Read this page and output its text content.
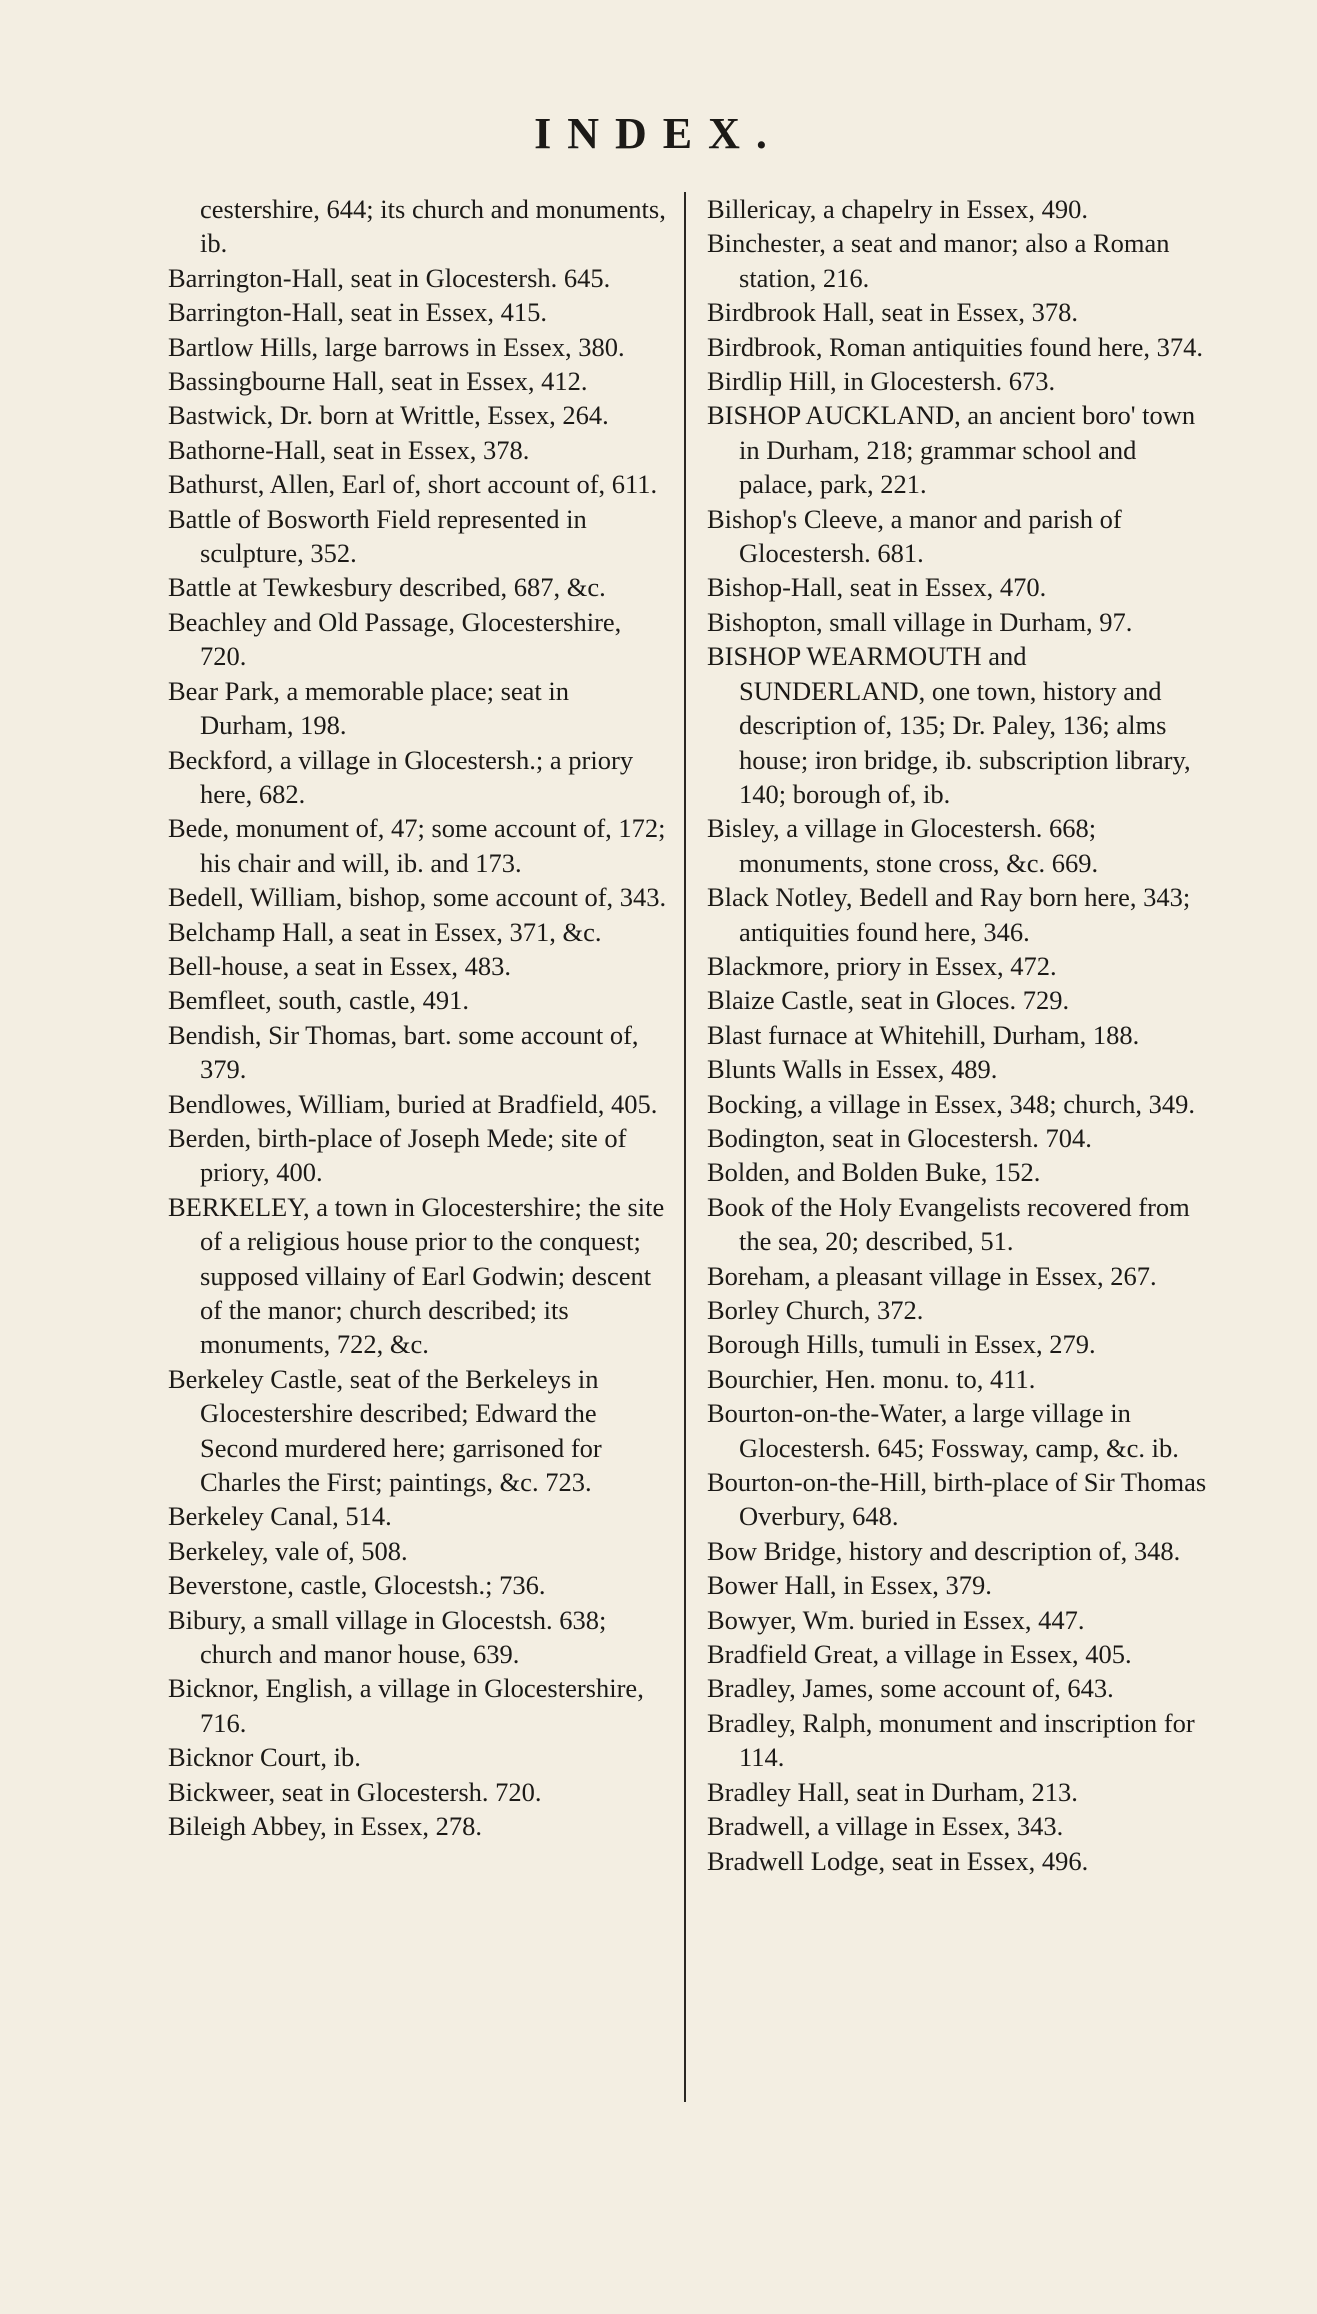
INDEX.

cestershire, 644; its church and monuments, ib.

Barrington-Hall, seat in Glocestersh. 645.

Barrington-Hall, seat in Essex, 415.

Bartlow Hills, large barrows in Essex, 380.

Bassingbourne Hall, seat in Essex, 412.

Bastwick, Dr. born at Writtle, Essex, 264.

Bathorne-Hall, seat in Essex, 378.

Bathurst, Allen, Earl of, short account of, 611.

Battle of Bosworth Field represented in sculpture, 352.

Battle at Tewkesbury described, 687, &c.

Beachley and Old Passage, Glocestershire, 720.

Bear Park, a memorable place; seat in Durham, 198.

Beckford, a village in Glocestersh.; a priory here, 682.

Bede, monument of, 47; some account of, 172; his chair and will, ib. and 173.

Bedell, William, bishop, some account of, 343.

Belchamp Hall, a seat in Essex, 371, &c.

Bell-house, a seat in Essex, 483.

Bemfleet, south, castle, 491.

Bendish, Sir Thomas, bart. some account of, 379.

Bendlowes, William, buried at Bradfield, 405.

Berden, birth-place of Joseph Mede; site of priory, 400.

BERKELEY, a town in Glocestershire; the site of a religious house prior to the conquest; supposed villainy of Earl Godwin; descent of the manor; church described; its monuments, 722, &c.

Berkeley Castle, seat of the Berkeleys in Glocestershire described; Edward the Second murdered here; garrisoned for Charles the First; paintings, &c. 723.

Berkeley Canal, 514.

Berkeley, vale of, 508.

Beverstone, castle, Glocestsh.; 736.

Bibury, a small village in Glocestsh. 638; church and manor house, 639.

Bicknor, English, a village in Glocestershire, 716.

Bicknor Court, ib.

Bickweer, seat in Glocestersh. 720.

Bileigh Abbey, in Essex, 278.

Billericay, a chapelry in Essex, 490.

Binchester, a seat and manor; also a Roman station, 216.

Birdbrook Hall, seat in Essex, 378.

Birdbrook, Roman antiquities found here, 374.

Birdlip Hill, in Glocestersh. 673.

BISHOP AUCKLAND, an ancient boro' town in Durham, 218; grammar school and palace, park, 221.

Bishop's Cleeve, a manor and parish of Glocestersh. 681.

Bishop-Hall, seat in Essex, 470.

Bishopton, small village in Durham, 97.

BISHOP WEARMOUTH and SUNDERLAND, one town, history and description of, 135; Dr. Paley, 136; alms house; iron bridge, ib. subscription library, 140; borough of, ib.

Bisley, a village in Glocestersh. 668; monuments, stone cross, &c. 669.

Black Notley, Bedell and Ray born here, 343; antiquities found here, 346.

Blackmore, priory in Essex, 472.

Blaize Castle, seat in Gloces. 729.

Blast furnace at Whitehill, Durham, 188.

Blunts Walls in Essex, 489.

Bocking, a village in Essex, 348; church, 349.

Bodington, seat in Glocestersh. 704.

Bolden, and Bolden Buke, 152.

Book of the Holy Evangelists recovered from the sea, 20; described, 51.

Boreham, a pleasant village in Essex, 267.

Borley Church, 372.

Borough Hills, tumuli in Essex, 279.

Bourchier, Hen. monu. to, 411.

Bourton-on-the-Water, a large village in Glocestersh. 645; Fossway, camp, &c. ib.

Bourton-on-the-Hill, birth-place of Sir Thomas Overbury, 648.

Bow Bridge, history and description of, 348.

Bower Hall, in Essex, 379.

Bowyer, Wm. buried in Essex, 447.

Bradfield Great, a village in Essex, 405.

Bradley, James, some account of, 643.

Bradley, Ralph, monument and inscription for 114.

Bradley Hall, seat in Durham, 213.

Bradwell, a village in Essex, 343.

Bradwell Lodge, seat in Essex, 496.
